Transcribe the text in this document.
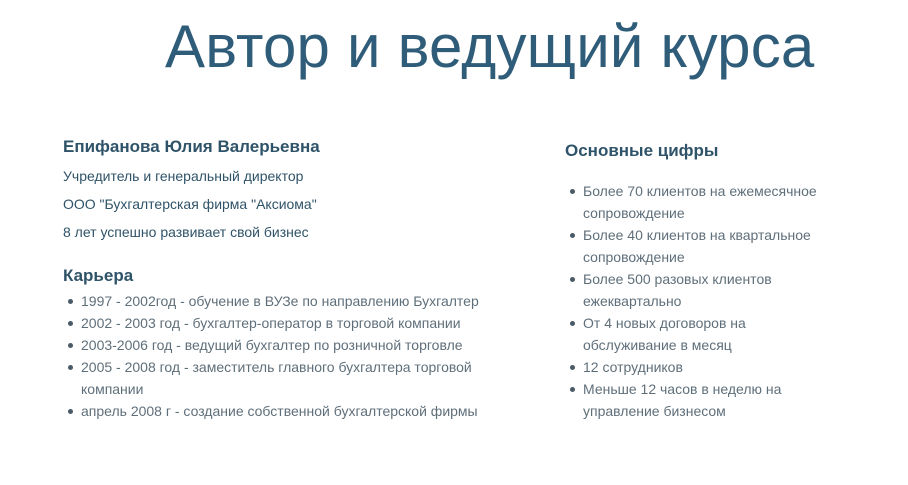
Автор и ведущий курса
Епифанова Юлия Валерьевна

Учредитель и генеральный директор

ООО "Бухгалтерская фирма "Аксиома"

8 лет успешно развивает свой бизнес

Карьера
1997 - 2002год - обучение в ВУЗе по направлению Бухгалтер
2002 - 2003 год - бухгалтер-оператор в торговой компании
2003-2006 год - ведущий бухгалтер по розничной торговле
2005 - 2008 год - заместитель главного бухгалтера торговой компании
апрель 2008 г - создание собственной бухгалтерской фирмы
Основные цифры
Более 70 клиентов на ежемесячное сопровождение
Более 40 клиентов на квартальное сопровождение
Более 500 разовых клиентов ежеквартально
От 4 новых договоров на обслуживание в месяц
12 сотрудников
Меньше 12 часов в неделю на управление бизнесом
